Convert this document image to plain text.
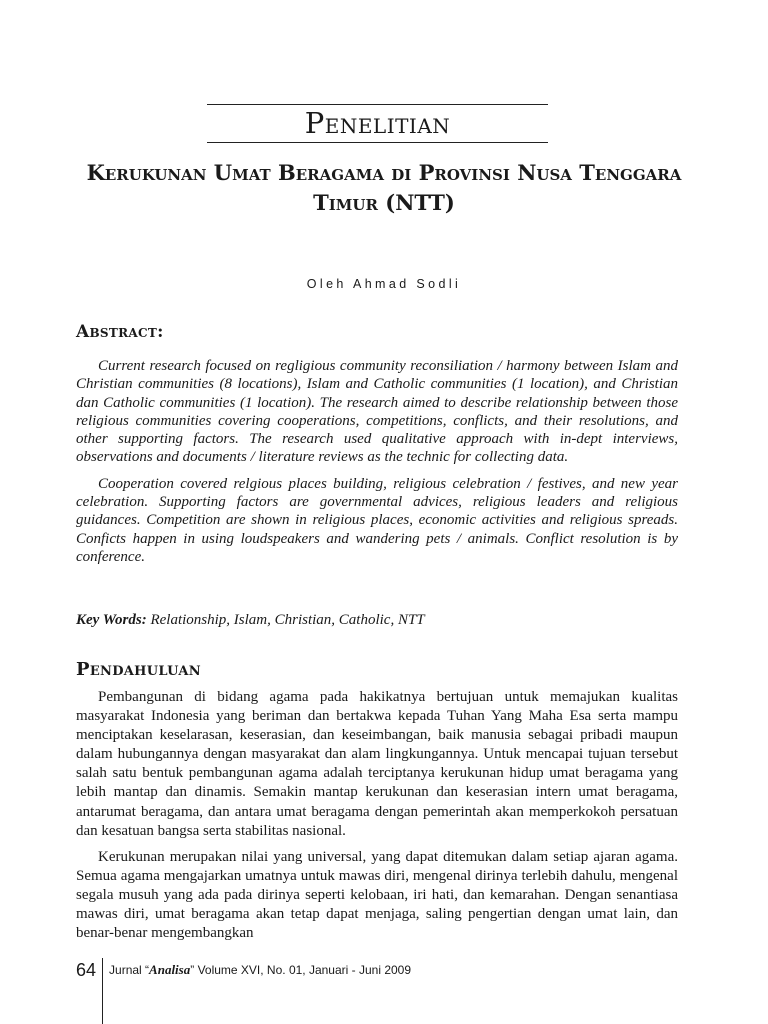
Penelitian
Kerukunan Umat Beragama di Provinsi Nusa Tenggara Timur (NTT)
Oleh Ahmad Sodli
Abstract:

Current research focused on regligious community reconsiliation / harmony between Islam and Christian communities (8 locations), Islam and Catholic communities (1 location), and Christian dan Catholic communities (1 location). The research aimed to describe relationship between those religious communities covering cooperations, competitions, conflicts, and their resolutions, and other supporting factors. The research used qualitative approach with in-dept interviews, observations and documents / literature reviews as the technic for collecting data.

Cooperation covered relgious places building, religious celebration / festives, and new year celebration. Supporting factors are governmental advices, religious leaders and religious guidances. Competition are shown in religious places, economic activities and religious spreads. Conficts happen in using loudspeakers and wandering pets / animals. Conflict resolution is by conference.

Key Words: Relationship, Islam, Christian, Catholic, NTT
Pendahuluan

Pembangunan di bidang agama pada hakikatnya bertujuan untuk memajukan kualitas masyarakat Indonesia yang beriman dan bertakwa kepada Tuhan Yang Maha Esa serta mampu menciptakan keselarasan, keserasian, dan keseimbangan, baik manusia sebagai pribadi maupun dalam hubungannya dengan masyarakat dan alam lingkungannya. Untuk mencapai tujuan tersebut salah satu bentuk pembangunan agama adalah terciptanya kerukunan hidup umat beragama yang lebih mantap dan dinamis. Semakin mantap kerukunan dan keserasian intern umat beragama, antarumat beragama, dan antara umat beragama dengan pemerintah akan memperkokoh persatuan dan kesatuan bangsa serta stabilitas nasional.

Kerukunan merupakan nilai yang universal, yang dapat ditemukan dalam setiap ajaran agama. Semua agama mengajarkan umatnya untuk mawas diri, mengenal dirinya terlebih dahulu, mengenal segala musuh yang ada pada dirinya seperti kelobaan, iri hati, dan kemarahan. Dengan senantiasa mawas diri, umat beragama akan tetap dapat menjaga, saling pengertian dengan umat lain, dan benar-benar mengembangkan

64	Jurnal “Analisa” Volume XVI, No. 01, Januari - Juni 2009
